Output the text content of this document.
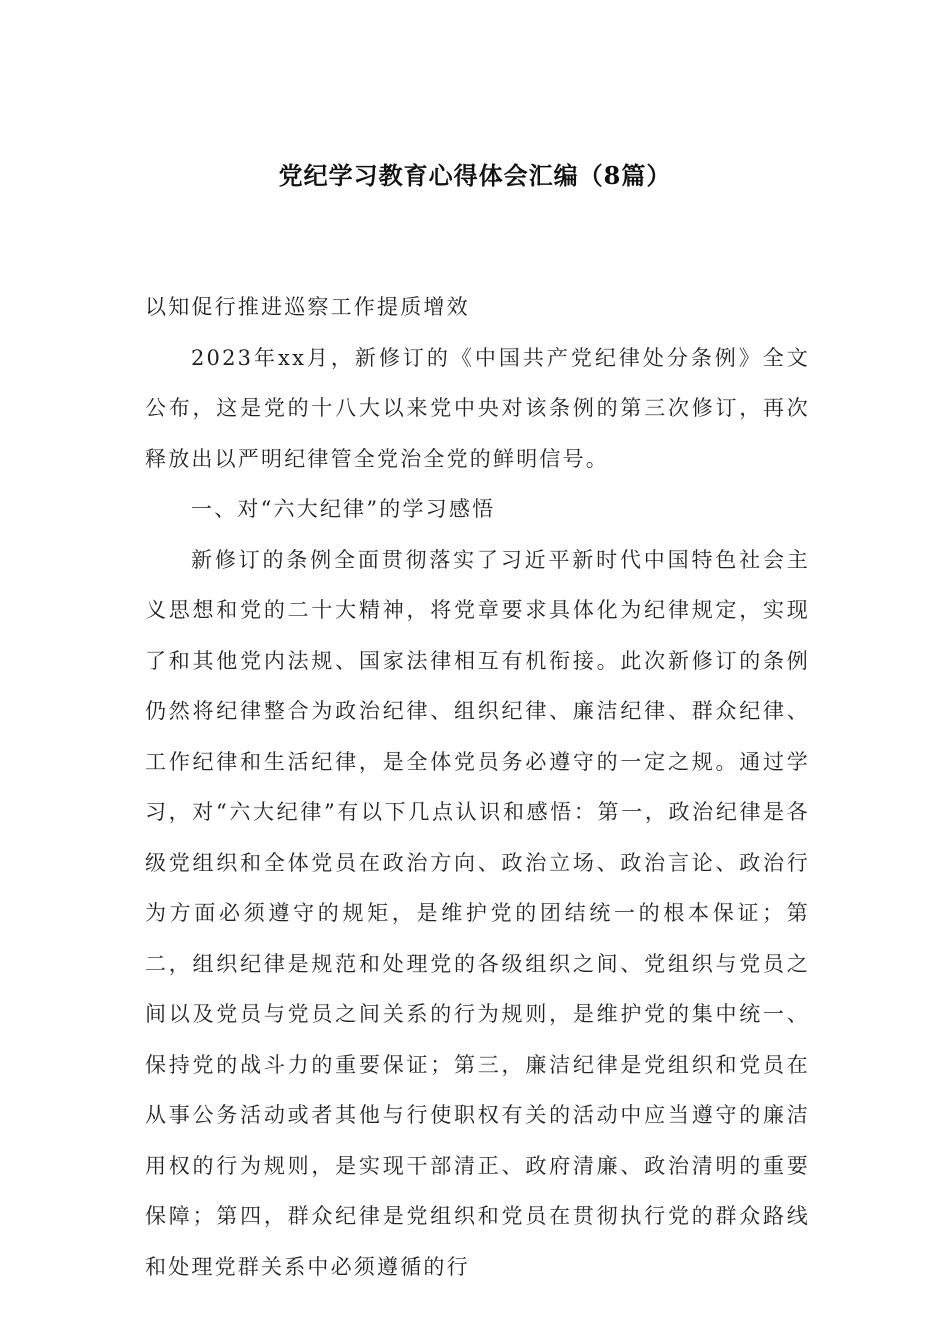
党纪学习教育心得体会汇编（8篇）

以知促行推进巡察工作提质增效

2023年xx月，新修订的《中国共产党纪律处分条例》全文公布，这是党的十八大以来党中央对该条例的第三次修订，再次释放出以严明纪律管全党治全党的鲜明信号。

一、对“六大纪律”的学习感悟

新修订的条例全面贯彻落实了习近平新时代中国特色社会主义思想和党的二十大精神，将党章要求具体化为纪律规定，实现了和其他党内法规、国家法律相互有机衔接。此次新修订的条例仍然将纪律整合为政治纪律、组织纪律、廉洁纪律、群众纪律、工作纪律和生活纪律，是全体党员务必遵守的一定之规。通过学习，对“六大纪律”有以下几点认识和感悟：第一，政治纪律是各级党组织和全体党员在政治方向、政治立场、政治言论、政治行为方面必须遵守的规矩，是维护党的团结统一的根本保证；第二，组织纪律是规范和处理党的各级组织之间、党组织与党员之间以及党员与党员之间关系的行为规则，是维护党的集中统一、保持党的战斗力的重要保证；第三，廉洁纪律是党组织和党员在从事公务活动或者其他与行使职权有关的活动中应当遵守的廉洁用权的行为规则，是实现干部清正、政府清廉、政治清明的重要保障；第四，群众纪律是党组织和党员在贯彻执行党的群众路线和处理党群关系中必须遵循的行
